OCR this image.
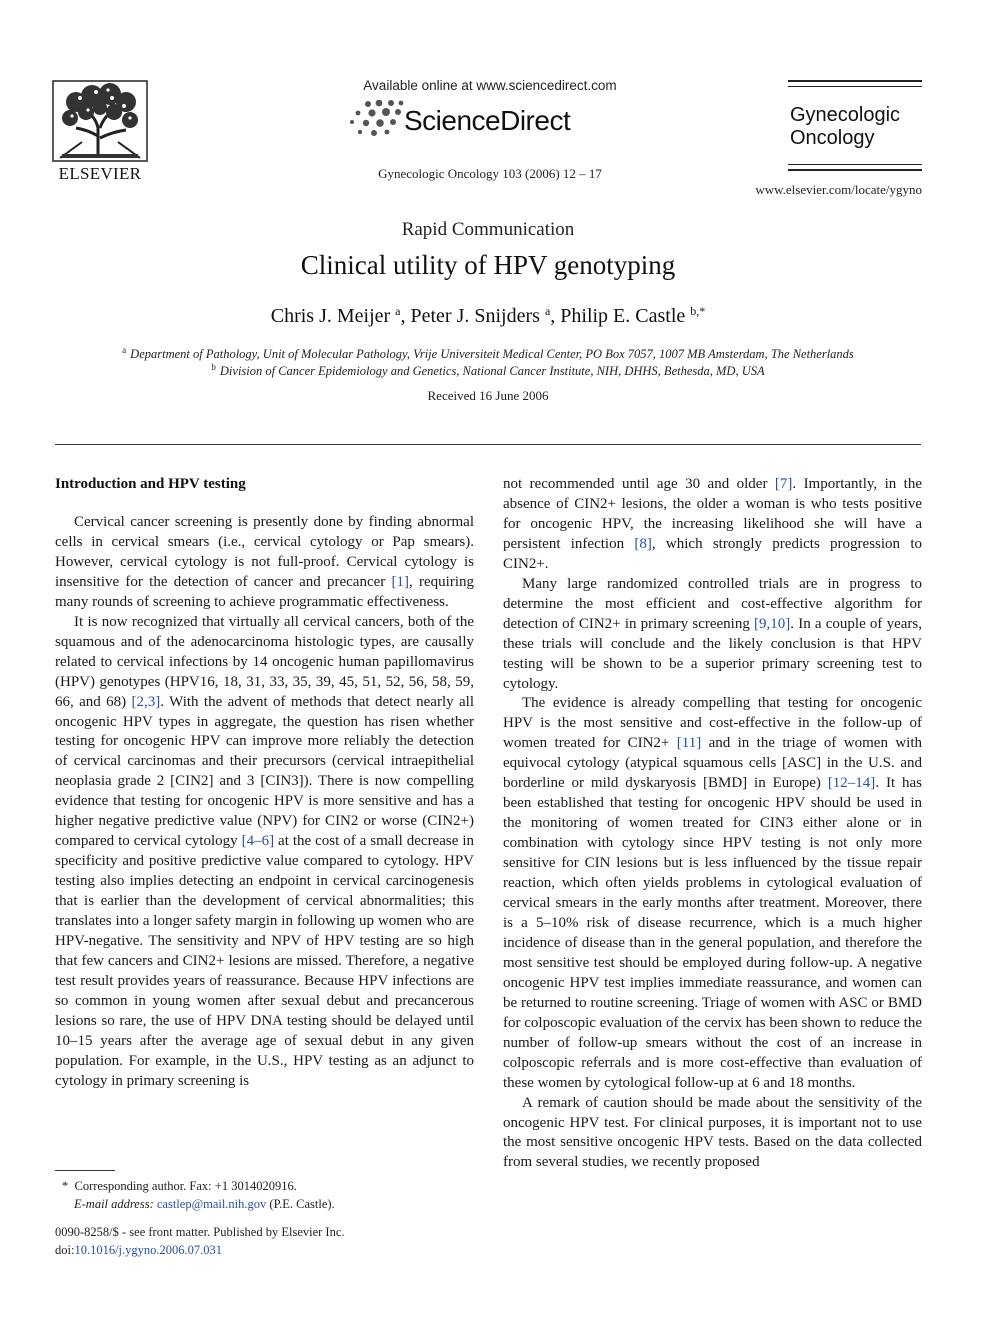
ELSEVIER
Available online at www.sciencedirect.com
ScienceDirect
Gynecologic Oncology 103 (2006) 12 – 17
Gynecologic
Oncology
www.elsevier.com/locate/ygyno
Rapid Communication
Clinical utility of HPV genotyping
Chris J. Meijer $^a$, Peter J. Snijders $^a$, Philip E. Castle $^{b,*}$
$^a$ Department of Pathology, Unit of Molecular Pathology, Vrije Universiteit Medical Center, PO Box 7057, 1007 MB Amsterdam, The Netherlands
$^b$ Division of Cancer Epidemiology and Genetics, National Cancer Institute, NIH, DHHS, Bethesda, MD, USA
Received 16 June 2006
Introduction and HPV testing

Cervical cancer screening is presently done by finding abnormal cells in cervical smears (i.e., cervical cytology or Pap smears). However, cervical cytology is not full-proof. Cervical cytology is insensitive for the detection of cancer and precancer [1], requiring many rounds of screening to achieve programmatic effectiveness.

It is now recognized that virtually all cervical cancers, both of the squamous and of the adenocarcinoma histologic types, are causally related to cervical infections by 14 oncogenic human papillomavirus (HPV) genotypes (HPV16, 18, 31, 33, 35, 39, 45, 51, 52, 56, 58, 59, 66, and 68) [2,3]. With the advent of methods that detect nearly all oncogenic HPV types in aggregate, the question has risen whether testing for oncogenic HPV can improve more reliably the detection of cervical carcinomas and their precursors (cervical intraepithelial neoplasia grade 2 [CIN2] and 3 [CIN3]). There is now compelling evidence that testing for oncogenic HPV is more sensitive and has a higher negative predictive value (NPV) for CIN2 or worse (CIN2+) compared to cervical cytology [4–6] at the cost of a small decrease in specificity and positive predictive value compared to cytology. HPV testing also implies detecting an endpoint in cervical carcinogenesis that is earlier than the development of cervical abnormalities; this translates into a longer safety margin in following up women who are HPV-negative. The sensitivity and NPV of HPV testing are so high that few cancers and CIN2+ lesions are missed. Therefore, a negative test result provides years of reassurance. Because HPV infections are so common in young women after sexual debut and precancerous lesions so rare, the use of HPV DNA testing should be delayed until 10–15 years after the average age of sexual debut in any given population. For example, in the U.S., HPV testing as an adjunct to cytology in primary screening is

not recommended until age 30 and older [7]. Importantly, in the absence of CIN2+ lesions, the older a woman is who tests positive for oncogenic HPV, the increasing likelihood she will have a persistent infection [8], which strongly predicts progression to CIN2+.

Many large randomized controlled trials are in progress to determine the most efficient and cost-effective algorithm for detection of CIN2+ in primary screening [9,10]. In a couple of years, these trials will conclude and the likely conclusion is that HPV testing will be shown to be a superior primary screening test to cytology.

The evidence is already compelling that testing for oncogenic HPV is the most sensitive and cost-effective in the follow-up of women treated for CIN2+ [11] and in the triage of women with equivocal cytology (atypical squamous cells [ASC] in the U.S. and borderline or mild dyskaryosis [BMD] in Europe) [12–14]. It has been established that testing for oncogenic HPV should be used in the monitoring of women treated for CIN3 either alone or in combination with cytology since HPV testing is not only more sensitive for CIN lesions but is less influenced by the tissue repair reaction, which often yields problems in cytological evaluation of cervical smears in the early months after treatment. Moreover, there is a 5–10% risk of disease recurrence, which is a much higher incidence of disease than in the general population, and therefore the most sensitive test should be employed during follow-up. A negative oncogenic HPV test implies immediate reassurance, and women can be returned to routine screening. Triage of women with ASC or BMD for colposcopic evaluation of the cervix has been shown to reduce the number of follow-up smears without the cost of an increase in colposcopic referrals and is more cost-effective than evaluation of these women by cytological follow-up at 6 and 18 months.

A remark of caution should be made about the sensitivity of the oncogenic HPV test. For clinical purposes, it is important not to use the most sensitive oncogenic HPV tests. Based on the data collected from several studies, we recently proposed

* Corresponding author. Fax: +1 3014020916.
E-mail address: castlep@mail.nih.gov (P.E. Castle).
0090-8258/$ - see front matter. Published by Elsevier Inc.
doi:10.1016/j.ygyno.2006.07.031
